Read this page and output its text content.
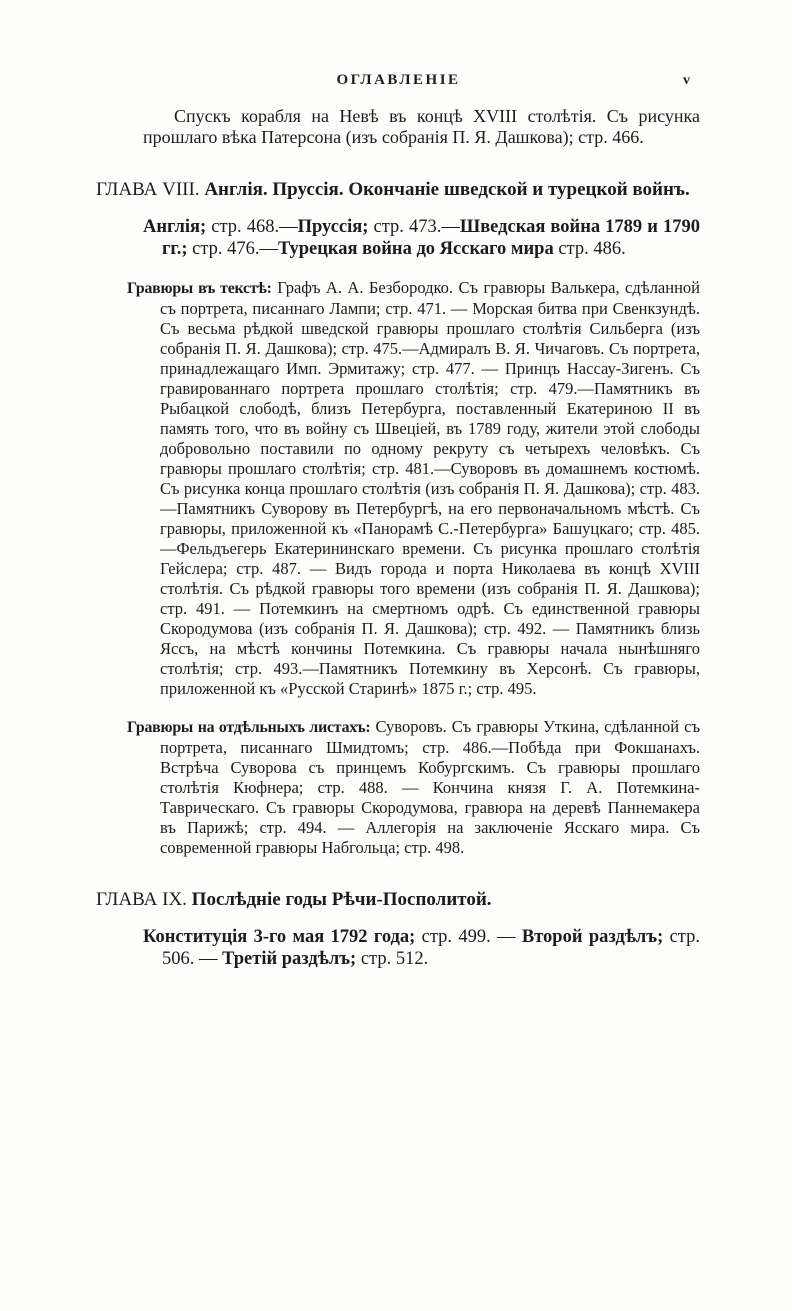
ОГЛАВЛЕНІЕ	v
Спускъ корабля на Невѣ въ концѣ XVIII столѣтія. Съ рисунка прошлаго вѣка Патерсона (изъ собранія П. Я. Дашкова); стр. 466.
ГЛАВА VIII. Англія. Пруссія. Окончаніе шведской и турецкой войнъ.
Англія; стр. 468.—Пруссія; стр. 473.—Шведская война 1789 и 1790 гг.; стр. 476.—Турецкая война до Ясскаго мира стр. 486.
Гравюры въ текстѣ: Графъ А. А. Безбородко. Съ гравюры Валькера, сдѣланной съ портрета, писаннаго Лампи; стр. 471. — Морская битва при Свенкзундѣ. Съ весьма рѣдкой шведской гравюры прошлаго столѣтія Сильберга (изъ собранія П. Я. Дашкова); стр. 475.—Адмиралъ В. Я. Чичаговъ. Съ портрета, принадлежащаго Имп. Эрмитажу; стр. 477. — Принцъ Нассау-Зигенъ. Съ гравированнаго портрета прошлаго столѣтія; стр. 479.—Памятникъ въ Рыбацкой слободѣ, близъ Петербурга, поставленный Екатериною II въ память того, что въ войну съ Швеціей, въ 1789 году, жители этой слободы добровольно поставили по одному рекруту съ четырехъ человѣкъ. Съ гравюры прошлаго столѣтія; стр. 481.—Суворовъ въ домашнемъ костюмѣ. Съ рисунка конца прошлаго столѣтія (изъ собранія П. Я. Дашкова); стр. 483.—Памятникъ Суворову въ Петербургѣ, на его первоначальномъ мѣстѣ. Съ гравюры, приложенной къ «Панорамѣ С.-Петербурга» Башуцкаго; стр. 485.—Фельдъегерь Екатерининскаго времени. Съ рисунка прошлаго столѣтія Гейслера; стр. 487. — Видъ города и порта Николаева въ концѣ XVIII столѣтія. Съ рѣдкой гравюры того времени (изъ собранія П. Я. Дашкова); стр. 491. — Потемкинъ на смертномъ одрѣ. Съ единственной гравюры Скородумова (изъ собранія П. Я. Дашкова); стр. 492. — Памятникъ близь Яссъ, на мѣстѣ кончины Потемкина. Съ гравюры начала нынѣшняго столѣтія; стр. 493.—Памятникъ Потемкину въ Херсонѣ. Съ гравюры, приложенной къ «Русской Старинѣ» 1875 г.; стр. 495.
Гравюры на отдѣльныхъ листахъ: Суворовъ. Съ гравюры Уткина, сдѣланной съ портрета, писаннаго Шмидтомъ; стр. 486.—Побѣда при Фокшанахъ. Встрѣча Суворова съ принцемъ Кобургскимъ. Съ гравюры прошлаго столѣтія Кюфнера; стр. 488. — Кончина князя Г. А. Потемкина-Таврическаго. Съ гравюры Скородумова, гравюра на деревѣ Паннемакера въ Парижѣ; стр. 494. — Аллегорія на заключеніе Ясскаго мира. Съ современной гравюры Набгольца; стр. 498.
ГЛАВА IX. Послѣдніе годы Рѣчи-Посполитой.
Конституція 3-го мая 1792 года; стр. 499. — Второй раздѣлъ; стр. 506. — Третій раздѣлъ; стр. 512.
